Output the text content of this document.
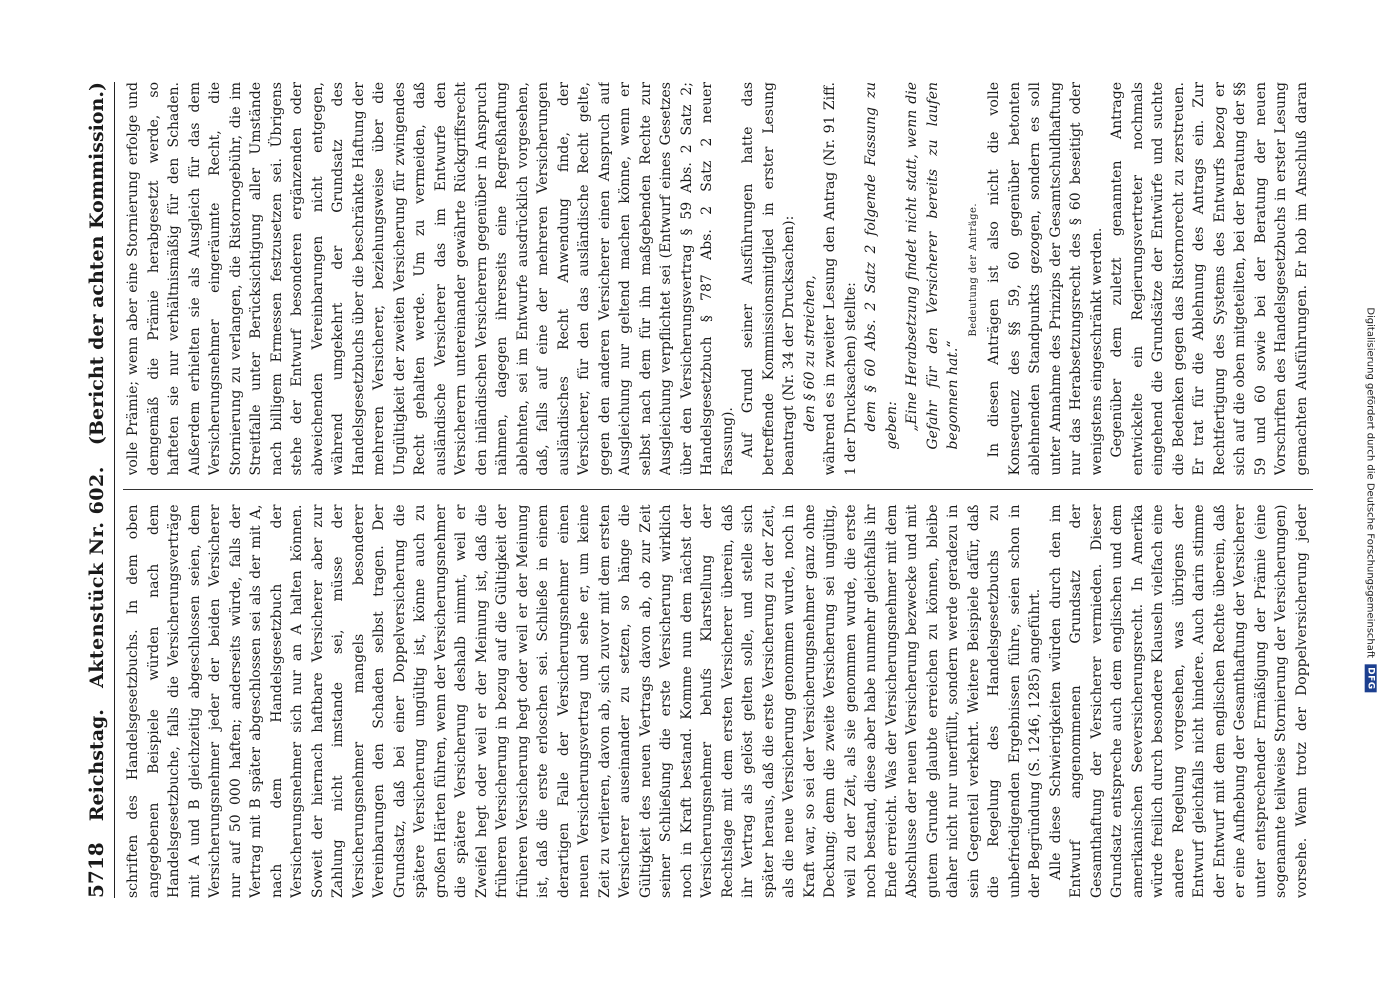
5718
Reichstag.
Aktenstück Nr. 602.
(Bericht der achten Kommission.)

schriften des Handelsgesetzbuchs. In dem oben angegebenen Beispiele würden nach dem Handelsgesetzbuche, falls die Versicherungsverträge mit A und B gleichzeitig abgeschlossen seien, dem Versicherungsnehmer jeder der beiden Versicherer nur auf 50 000 haften; anderseits würde, falls der Vertrag mit B später abgeschlossen sei als der mit A, nach dem Handelsgesetzbuch der Versicherungsnehmer sich nur an A halten können. Soweit der hiernach haftbare Versicherer aber zur Zahlung nicht imstande sei, müsse der Versicherungsnehmer mangels besonderer Vereinbarungen den Schaden selbst tragen. Der Grundsatz, daß bei einer Doppelversicherung die spätere Versicherung ungültig ist, könne auch zu großen Härten führen, wenn der Versicherungsnehmer die spätere Versicherung deshalb nimmt, weil er Zweifel hegt oder weil er der Meinung ist, daß die früheren Versicherung in bezug auf die Gültigkeit der früheren Versicherung hegt oder weil er der Meinung ist, daß die erste erloschen sei. Schließe in einem derartigen Falle der Versicherungsnehmer einen neuen Versicherungsvertrag und sehe er, um keine Zeit zu verlieren, davon ab, sich zuvor mit dem ersten Versicherer auseinander zu setzen, so hänge die Gültigkeit des neuen Vertrags davon ab, ob zur Zeit seiner Schließung die erste Versicherung wirklich noch in Kraft bestand. Komme nun dem nächst der Versicherungsnehmer behufs Klarstellung der Rechtslage mit dem ersten Versicherer überein, daß ihr Vertrag als gelöst gelten solle, und stelle sich später heraus, daß die erste Versicherung zu der Zeit, als die neue Versicherung genommen wurde, noch in Kraft war, so sei der Versicherungsnehmer ganz ohne Deckung; denn die zweite Versicherung sei ungültig, weil zu der Zeit, als sie genommen wurde, die erste noch bestand, diese aber habe nunmehr gleichfalls ihr Ende erreicht. Was der Versicherungsnehmer mit dem Abschlusse der neuen Versicherung bezwecke und mit gutem Grunde glaubte erreichen zu können, bleibe daher nicht nur unerfüllt, sondern werde geradezu in sein Gegenteil verkehrt. Weitere Beispiele dafür, daß die Regelung des Handelsgesetzbuchs zu unbefriedigenden Ergebnissen führe, seien schon in der Begründung (S. 1246, 1285) angeführt. Alle diese Schwierigkeiten würden durch den im Entwurf angenommenen Grundsatz der Gesamthaftung der Versicherer vermieden. Dieser Grundsatz entspreche auch dem englischen und dem amerikanischen Seeversicherungsrecht. In Amerika würde freilich durch besondere Klauseln vielfach eine andere Regelung vorgesehen, was übrigens der Entwurf gleichfalls nicht hindere. Auch darin stimme der Entwurf mit dem englischen Rechte überein, daß er eine Aufhebung der Gesamthaftung der Versicherer unter entsprechender Ermäßigung der Prämie (eine sogenannte teilweise Stornierung der Versicherungen) vorsehe. Wenn trotz der Doppelversicherung jeder

volle Prämie; wenn aber eine Stornierung erfolge und demgemäß die Prämie herabgesetzt werde, so hafteten sie nur verhältnismäßig für den Schaden. Außerdem erhielten sie als Ausgleich für das dem Versicherungsnehmer eingeräumte Recht, die Stornierung zu verlangen, die Ristornogebühr, die im Streitfalle unter Berücksichtigung aller Umstände nach billigem Ermessen festzusetzen sei. Übrigens stehe der Entwurf besonderen ergänzenden oder abweichenden Vereinbarungen nicht entgegen, während umgekehrt der Grundsatz des Handelsgesetzbuchs über die beschränkte Haftung der mehreren Versicherer, beziehungsweise über die Ungültigkeit der zweiten Versicherung für zwingendes Recht gehalten werde. Um zu vermeiden, daß ausländische Versicherer das im Entwurfe den Versicherern untereinander gewährte Rückgriffsrecht den inländischen Versicherern gegenüber in Anspruch nähmen, dagegen ihrerseits eine Regreßhaftung ablehnten, sei im Entwurfe ausdrücklich vorgesehen, daß, falls auf eine der mehreren Versicherungen ausländisches Recht Anwendung finde, der Versicherer, für den das ausländische Recht gelte, gegen den anderen Versicherer einen Anspruch auf Ausgleichung nur geltend machen könne, wenn er selbst nach dem für ihn maßgebenden Rechte zur Ausgleichung verpflichtet sei (Entwurf eines Gesetzes über den Versicherungsvertrag § 59 Abs. 2 Satz 2; Handelsgesetzbuch § 787 Abs. 2 Satz 2 neuer Fassung). Auf Grund seiner Ausführungen hatte das betreffende Kommissionsmitglied in erster Lesung beantragt (Nr. 34 der Drucksachen): den § 60 zu streichen, während es in zweiter Lesung den Antrag (Nr. 91 Ziff. 1 der Drucksachen) stellte: dem § 60 Abs. 2 Satz 2 folgende Fassung zu geben: „Eine Herabsetzung findet nicht statt, wenn die Gefahr für den Versicherer bereits zu laufen begonnen hat.“

Bedeutung der Anträge. In diesen Anträgen ist also nicht die volle Konsequenz des §§ 59, 60 gegenüber betonten ablehnenden Standpunkts gezogen, sondern es soll unter Annahme des Prinzips der Gesamtschuldhaftung nur das Herabsetzungsrecht des § 60 beseitigt oder wenigstens eingeschränkt werden. Gegenüber dem zuletzt genannten Antrage entwickelte ein Regierungsvertreter nochmals eingehend die Grundsätze der Entwürfe und suchte die Bedenken gegen das Ristornorecht zu zerstreuen. Er trat für die Ablehnung des Antrags ein. Zur Rechtfertigung des Systems des Entwurfs bezog er sich auf die oben mitgeteilten, bei der Beratung der §§ 59 und 60 sowie bei der Beratung der neuen Vorschriften des Handelsgesetzbuchs in erster Lesung gemachten Ausführungen. Er hob im Anschluß daran

Digitalisierung gefördert durch die Deutsche Forschungsgemeinschaft
DFG
